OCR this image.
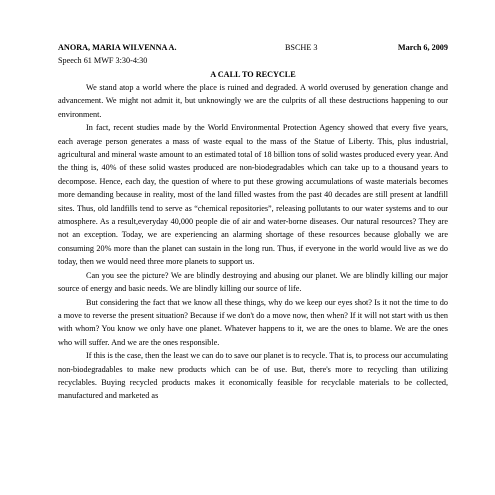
ANORA, MARIA WILVENNA A.	BSCHE 3	March 6, 2009
Speech 61 MWF 3:30-4:30
A CALL TO RECYCLE

We stand atop a world where the place is ruined and degraded. A world overused by generation change and advancement. We might not admit it, but unknowingly we are the culprits of all these destructions happening to our environment.

In fact, recent studies made by the World Environmental Protection Agency showed that every five years, each average person generates a mass of waste equal to the mass of the Statue of Liberty. This, plus industrial, agricultural and mineral waste amount to an estimated total of 18 billion tons of solid wastes produced every year. And the thing is, 40% of these solid wastes produced are non-biodegradables which can take up to a thousand years to decompose. Hence, each day, the question of where to put these growing accumulations of waste materials becomes more demanding because in reality, most of the land filled wastes from the past 40 decades are still present at landfill sites. Thus, old landfills tend to serve as “chemical repositories”, releasing pollutants to our water systems and to our atmosphere. As a result,everyday 40,000 people die of air and water-borne diseases. Our natural resources? They are not an exception. Today, we are experiencing an alarming shortage of these resources because globally we are consuming 20% more than the planet can sustain in the long run. Thus, if everyone in the world would live as we do today, then we would need three more planets to support us.

Can you see the picture? We are blindly destroying and abusing our planet. We are blindly killing our major source of energy and basic needs. We are blindly killing our source of life.

But considering the fact that we know all these things, why do we keep our eyes shot? Is it not the time to do a move to reverse the present situation? Because if we don't do a move now, then when? If it will not start with us then with whom? You know we only have one planet. Whatever happens to it, we are the ones to blame. We are the ones who will suffer. And we are the ones responsible.

If this is the case, then the least we can do to save our planet is to recycle. That is, to process our accumulating non-biodegradables to make new products which can be of use. But, there's more to recycling than utilizing recyclables. Buying recycled products makes it economically feasible for recyclable materials to be collected, manufactured and marketed as
